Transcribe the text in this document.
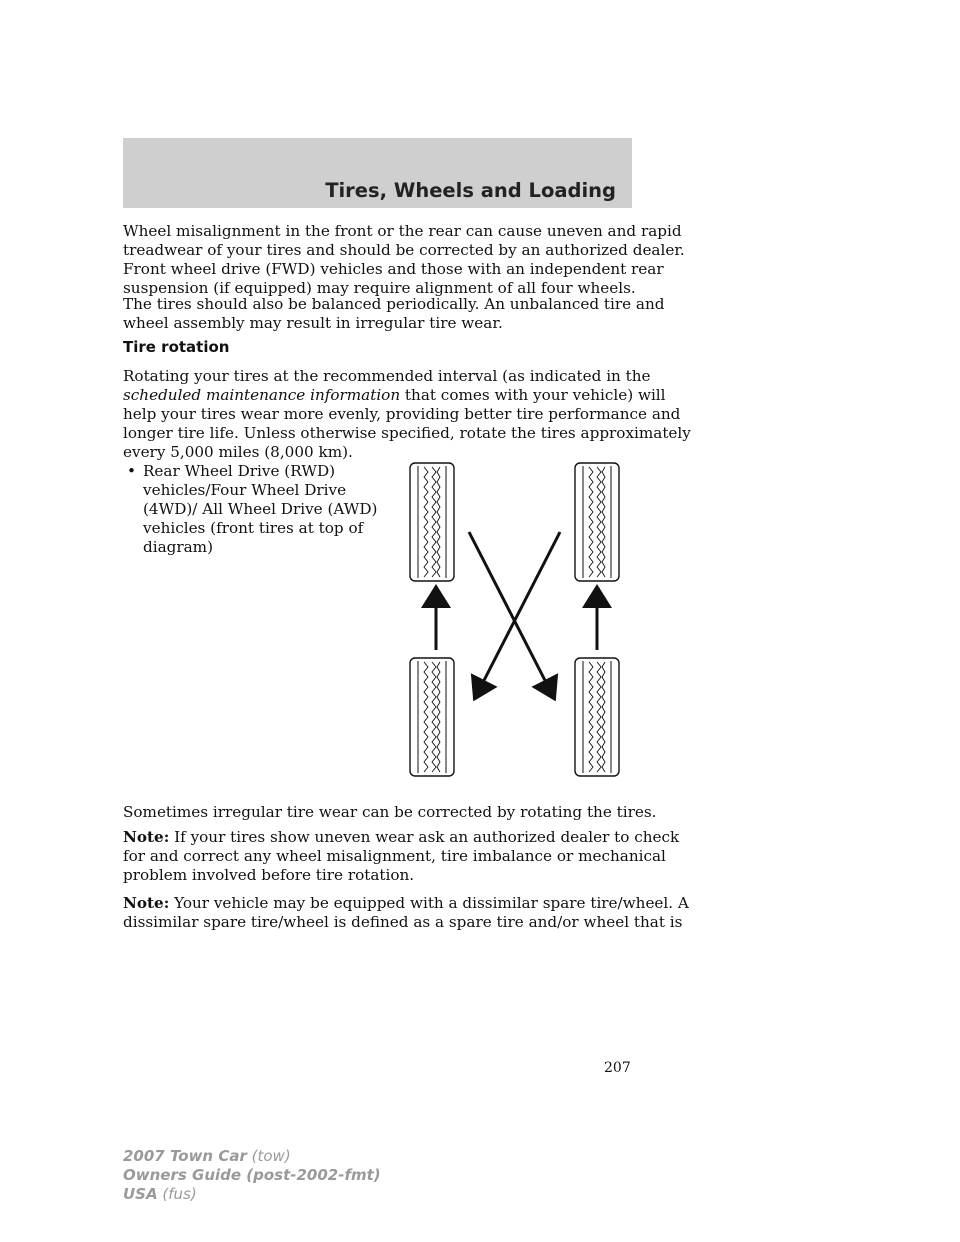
Tires, Wheels and Loading
Wheel misalignment in the front or the rear can cause uneven and rapid
treadwear of your tires and should be corrected by an authorized dealer.
Front wheel drive (FWD) vehicles and those with an independent rear
suspension (if equipped) may require alignment of all four wheels.
The tires should also be balanced periodically. An unbalanced tire and
wheel assembly may result in irregular tire wear.
Tire rotation
Rotating your tires at the recommended interval (as indicated in the
scheduled maintenance information that comes with your vehicle) will
help your tires wear more evenly, providing better tire performance and
longer tire life. Unless otherwise specified, rotate the tires approximately
every 5,000 miles (8,000 km).
• Rear Wheel Drive (RWD)
vehicles/Four Wheel Drive
(4WD)/ All Wheel Drive (AWD)
vehicles (front tires at top of
diagram)
Sometimes irregular tire wear can be corrected by rotating the tires.
Note: If your tires show uneven wear ask an authorized dealer to check
for and correct any wheel misalignment, tire imbalance or mechanical
problem involved before tire rotation.
Note: Your vehicle may be equipped with a dissimilar spare tire/wheel. A
dissimilar spare tire/wheel is defined as a spare tire and/or wheel that is
207
2007 Town Car (tow)
Owners Guide (post-2002-fmt)
USA (fus)
